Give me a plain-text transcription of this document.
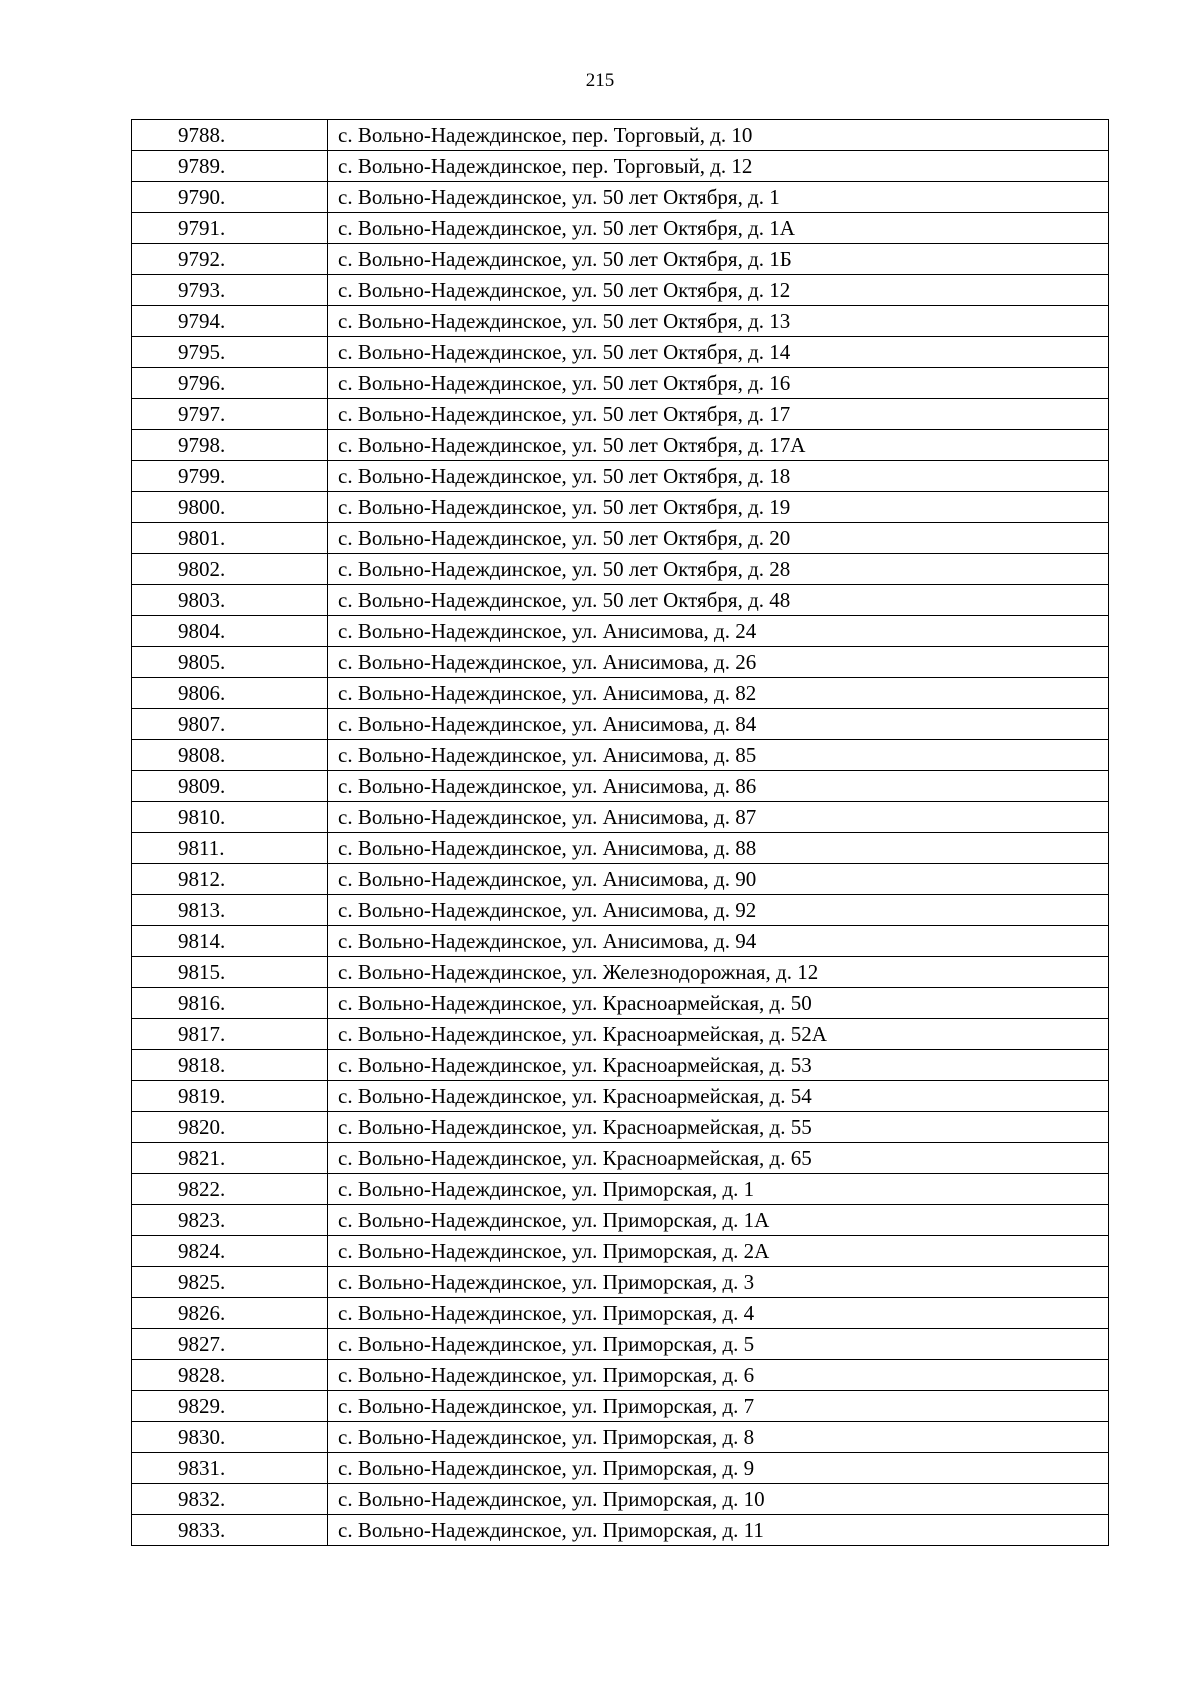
215
9788.	с. Вольно-Надеждинское, пер. Торговый, д. 10
9789.	с. Вольно-Надеждинское, пер. Торговый, д. 12
9790.	с. Вольно-Надеждинское, ул. 50 лет Октября, д. 1
9791.	с. Вольно-Надеждинское, ул. 50 лет Октября, д. 1А
9792.	с. Вольно-Надеждинское, ул. 50 лет Октября, д. 1Б
9793.	с. Вольно-Надеждинское, ул. 50 лет Октября, д. 12
9794.	с. Вольно-Надеждинское, ул. 50 лет Октября, д. 13
9795.	с. Вольно-Надеждинское, ул. 50 лет Октября, д. 14
9796.	с. Вольно-Надеждинское, ул. 50 лет Октября, д. 16
9797.	с. Вольно-Надеждинское, ул. 50 лет Октября, д. 17
9798.	с. Вольно-Надеждинское, ул. 50 лет Октября, д. 17А
9799.	с. Вольно-Надеждинское, ул. 50 лет Октября, д. 18
9800.	с. Вольно-Надеждинское, ул. 50 лет Октября, д. 19
9801.	с. Вольно-Надеждинское, ул. 50 лет Октября, д. 20
9802.	с. Вольно-Надеждинское, ул. 50 лет Октября, д. 28
9803.	с. Вольно-Надеждинское, ул. 50 лет Октября, д. 48
9804.	с. Вольно-Надеждинское, ул. Анисимова, д. 24
9805.	с. Вольно-Надеждинское, ул. Анисимова, д. 26
9806.	с. Вольно-Надеждинское, ул. Анисимова, д. 82
9807.	с. Вольно-Надеждинское, ул. Анисимова, д. 84
9808.	с. Вольно-Надеждинское, ул. Анисимова, д. 85
9809.	с. Вольно-Надеждинское, ул. Анисимова, д. 86
9810.	с. Вольно-Надеждинское, ул. Анисимова, д. 87
9811.	с. Вольно-Надеждинское, ул. Анисимова, д. 88
9812.	с. Вольно-Надеждинское, ул. Анисимова, д. 90
9813.	с. Вольно-Надеждинское, ул. Анисимова, д. 92
9814.	с. Вольно-Надеждинское, ул. Анисимова, д. 94
9815.	с. Вольно-Надеждинское, ул. Железнодорожная, д. 12
9816.	с. Вольно-Надеждинское, ул. Красноармейская, д. 50
9817.	с. Вольно-Надеждинское, ул. Красноармейская, д. 52А
9818.	с. Вольно-Надеждинское, ул. Красноармейская, д. 53
9819.	с. Вольно-Надеждинское, ул. Красноармейская, д. 54
9820.	с. Вольно-Надеждинское, ул. Красноармейская, д. 55
9821.	с. Вольно-Надеждинское, ул. Красноармейская, д. 65
9822.	с. Вольно-Надеждинское, ул. Приморская, д. 1
9823.	с. Вольно-Надеждинское, ул. Приморская, д. 1А
9824.	с. Вольно-Надеждинское, ул. Приморская, д. 2А
9825.	с. Вольно-Надеждинское, ул. Приморская, д. 3
9826.	с. Вольно-Надеждинское, ул. Приморская, д. 4
9827.	с. Вольно-Надеждинское, ул. Приморская, д. 5
9828.	с. Вольно-Надеждинское, ул. Приморская, д. 6
9829.	с. Вольно-Надеждинское, ул. Приморская, д. 7
9830.	с. Вольно-Надеждинское, ул. Приморская, д. 8
9831.	с. Вольно-Надеждинское, ул. Приморская, д. 9
9832.	с. Вольно-Надеждинское, ул. Приморская, д. 10
9833.	с. Вольно-Надеждинское, ул. Приморская, д. 11
